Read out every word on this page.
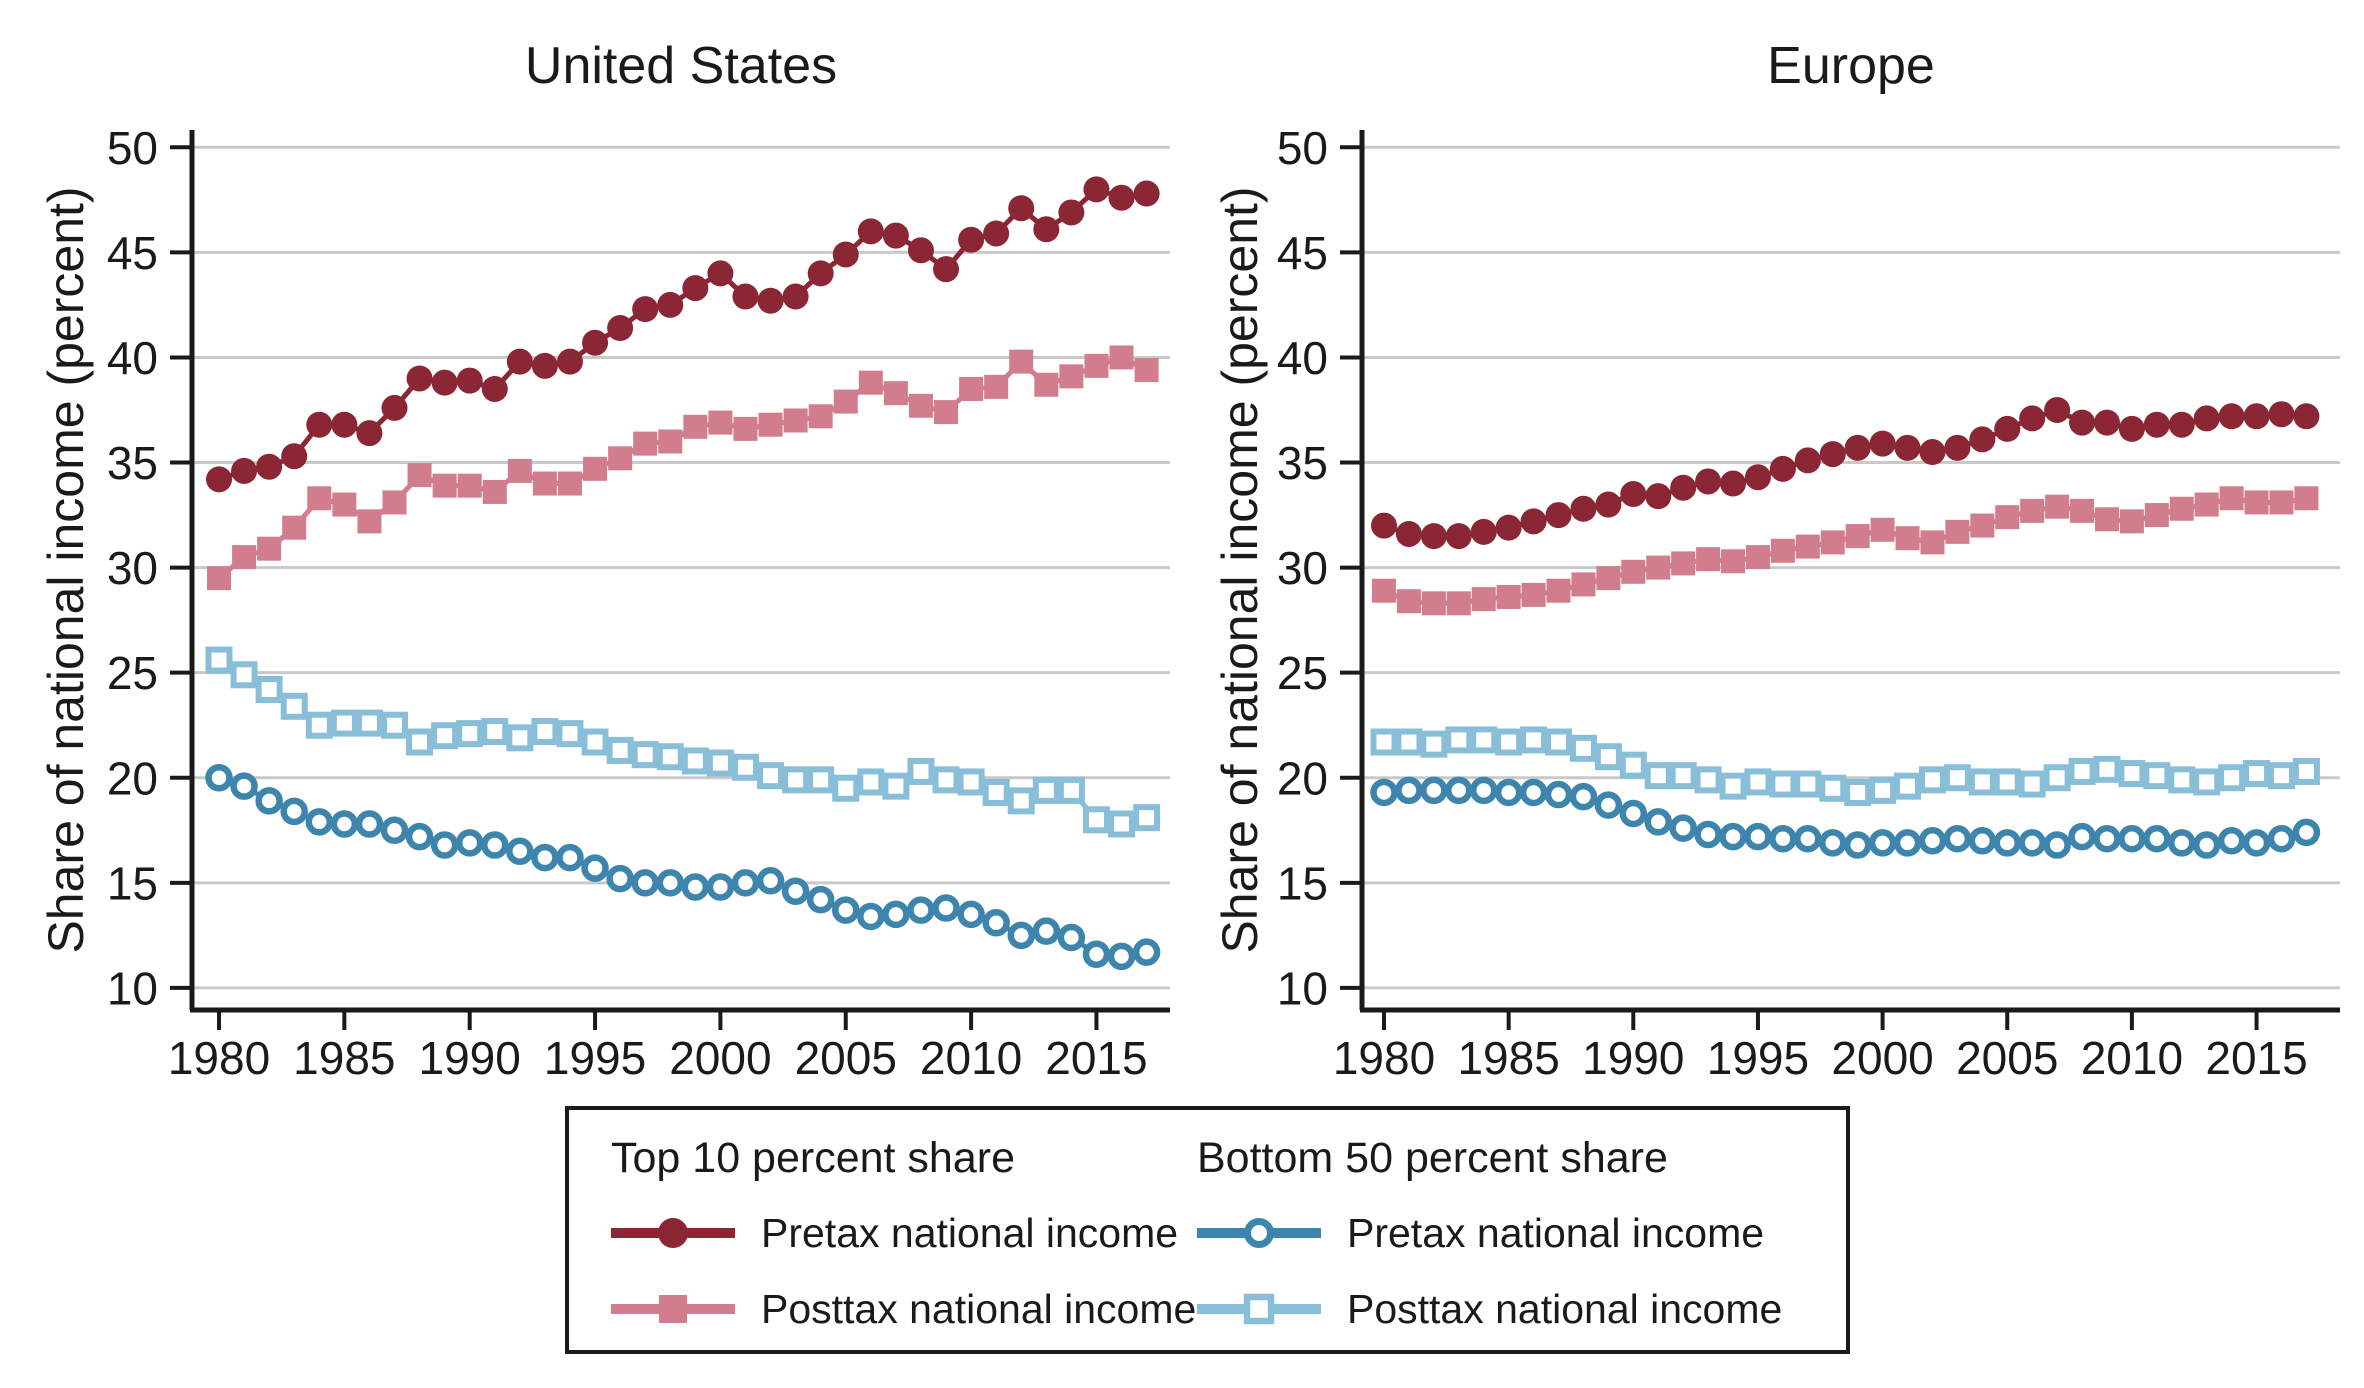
10
15
20
25
30
35
40
45
50
1980 1985 1990 1995 2000 2005 2010 2015
10
15
20
25
30
35
40
45
50
1980 1985 1990 1995 2000 2005 2010 2015
United States	Europe
Share of national income (percent)	Share of national income (percent)
Top 10 percent share
Pretax national income
Posttax national income
Bottom 50 percent share
Pretax national income
Posttax national income
